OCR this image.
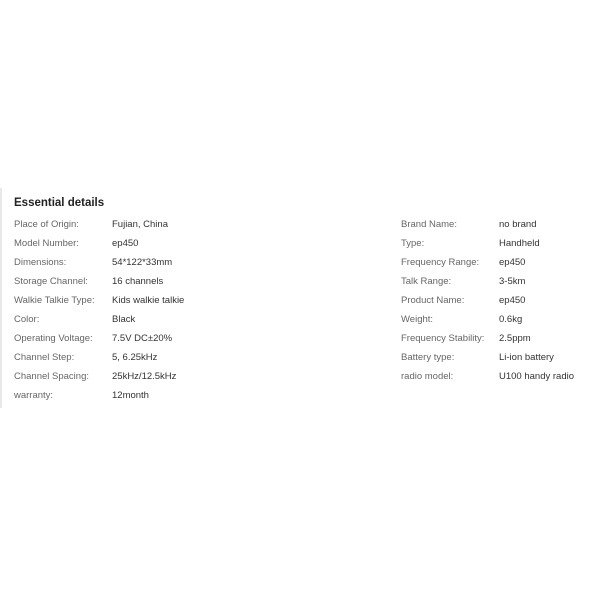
Essential details
Place of Origin:	Fujian, China
Model Number:	ep450
Dimensions:	54*122*33mm
Storage Channel:	16 channels
Walkie Talkie Type: Kids walkie talkie
Color:	Black
Operating Voltage: 7.5V DC±20%
Channel Step:	5, 6.25kHz
Channel Spacing: 25kHz/12.5kHz
warranty:	12month
Brand Name:	no brand
Type:	Handheld
Frequency Range: ep450
Talk Range:	3-5km
Product Name:	ep450
Weight:	0.6kg
Frequency Stability: 2.5ppm
Battery type:	Li-ion battery
radio model:	U100 handy radio
